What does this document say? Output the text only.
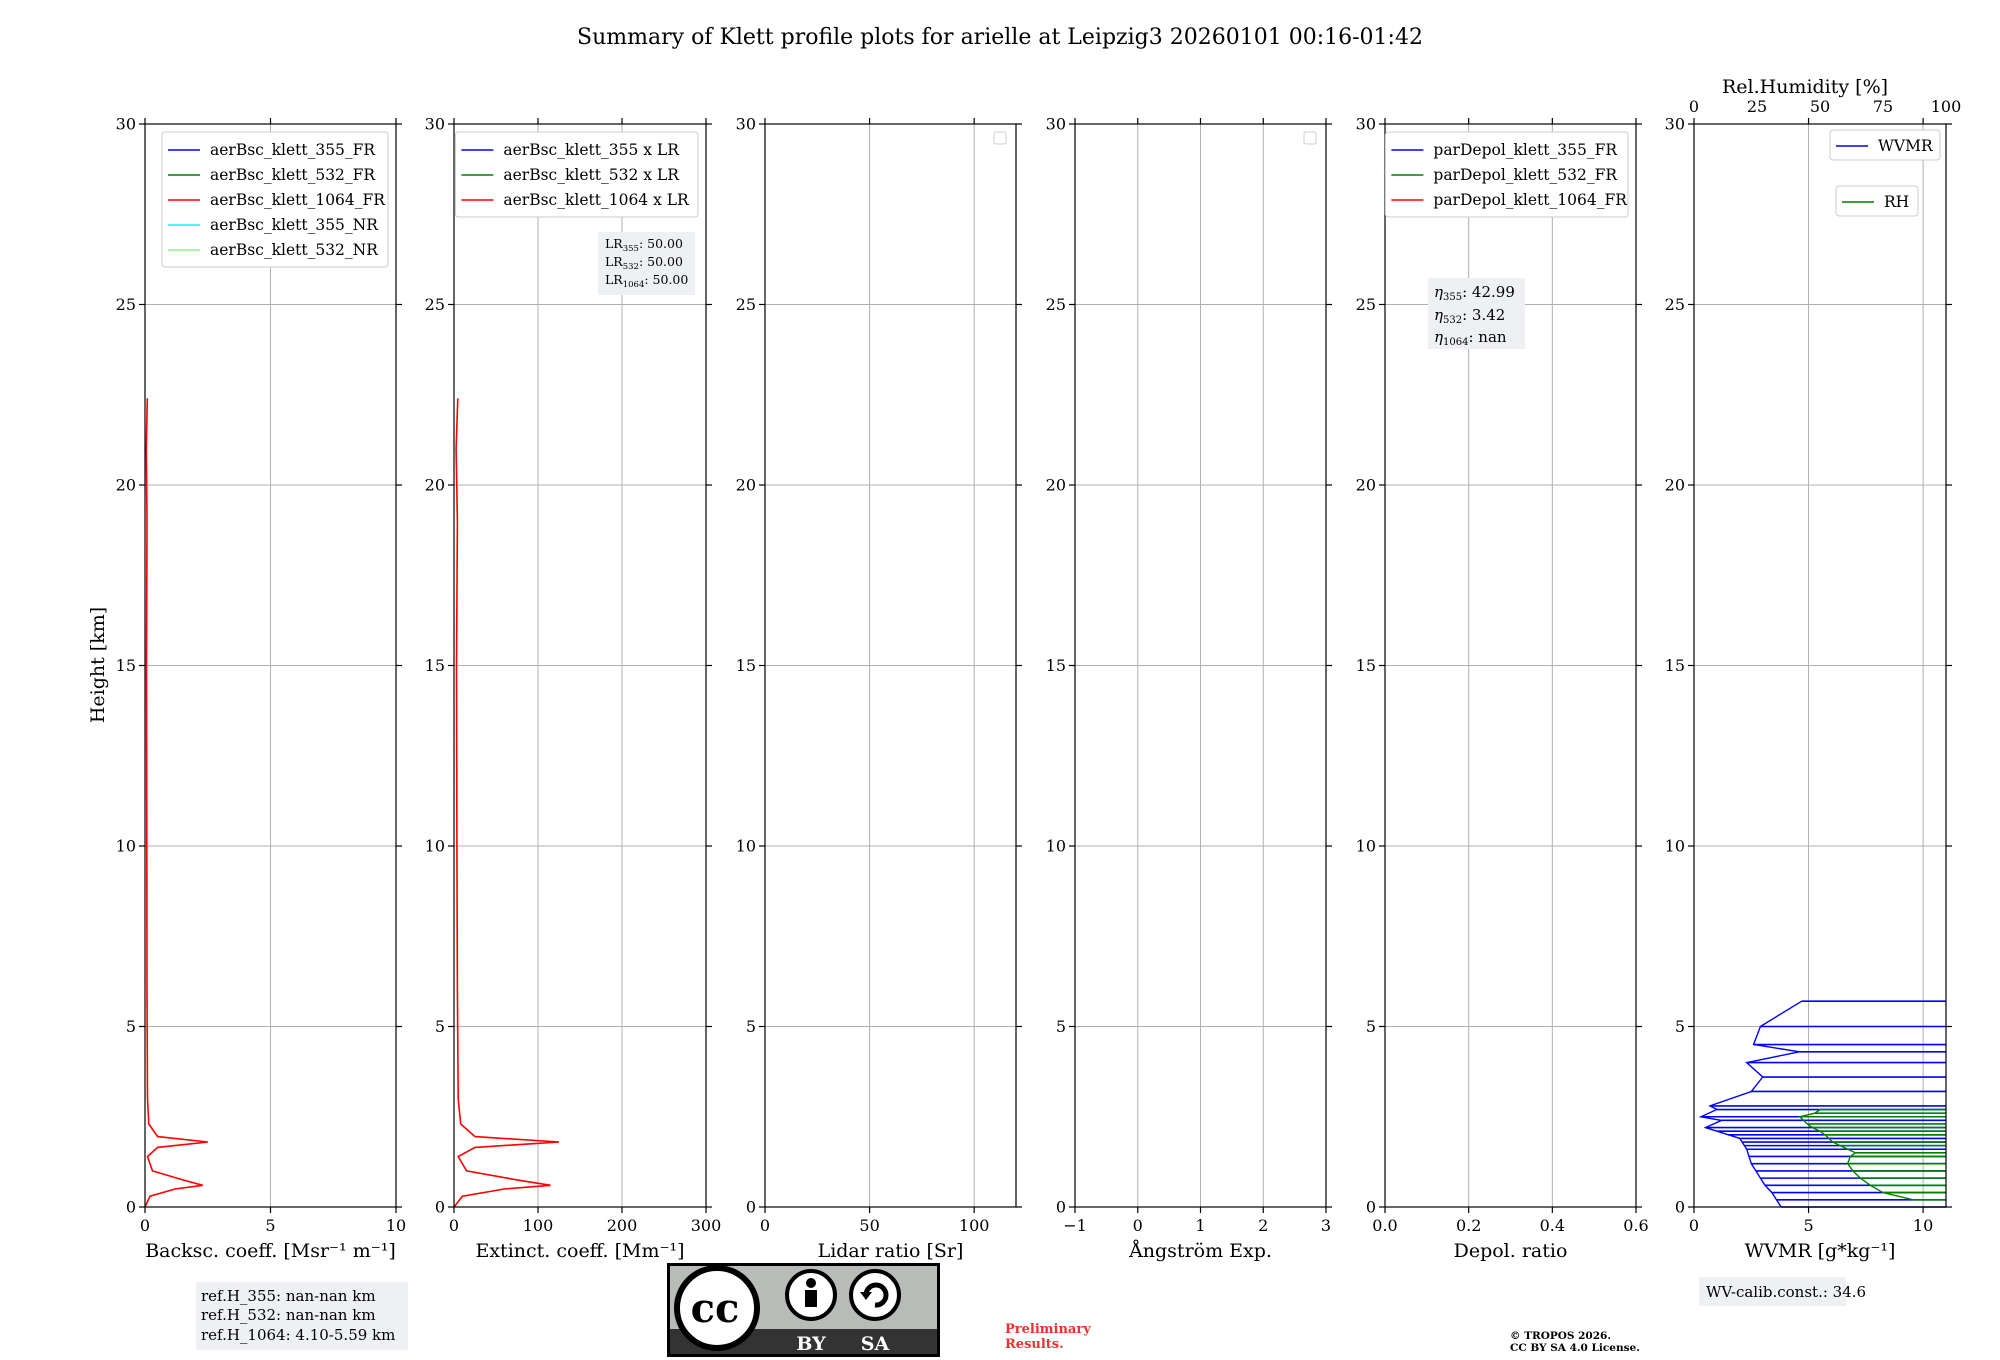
Summary of Klett profile plots for arielle at Leipzig3 20260101 00:16-01:42
Height [km]
Rel.Humidity [%]
0
5
10
15
20
25
30
0	5	10
Backsc. coeff. [Msr⁻¹ m⁻¹]
aerBsc_klett_355_FR
aerBsc_klett_532_FR
aerBsc_klett_1064_FR
aerBsc_klett_355_NR
aerBsc_klett_532_NR
0
5
10
15
20
25
30
0	100	200	300
Extinct. coeff. [Mm⁻¹]
aerBsc_klett_355 x LR
aerBsc_klett_532 x LR
aerBsc_klett_1064 x LR
0
5
10
15
20
25
30
0	50	100
Lidar ratio [Sr]
0
5
10
15
20
25
30
−1	0	1	2	3
Ångström Exp.
0
5
10
15
20
25
30
0.0	0.2	0.4	0.6
Depol. ratio
parDepol_klett_355_FR
parDepol_klett_532_FR
parDepol_klett_1064_FR
0
5
10
15
20
25
30
0	5	10
WVMR [g*kg⁻¹]
0	25	50	75 100
WVMR
RH
$LR_{355}$: 50.00
$LR_{532}$: 50.00
$LR_{1064}$: 50.00
$\eta_{355}$: 42.99
$\eta_{532}$: 3.42
$\eta_{1064}$: nan
ref.H_355: nan-nan km
ref.H_532: nan-nan km
ref.H_1064: 4.10-5.59 km
WV-calib.const.: 34.6
cc
BY SA
Preliminary
Results.
© TROPOS 2026.
CC BY SA 4.0 License.
